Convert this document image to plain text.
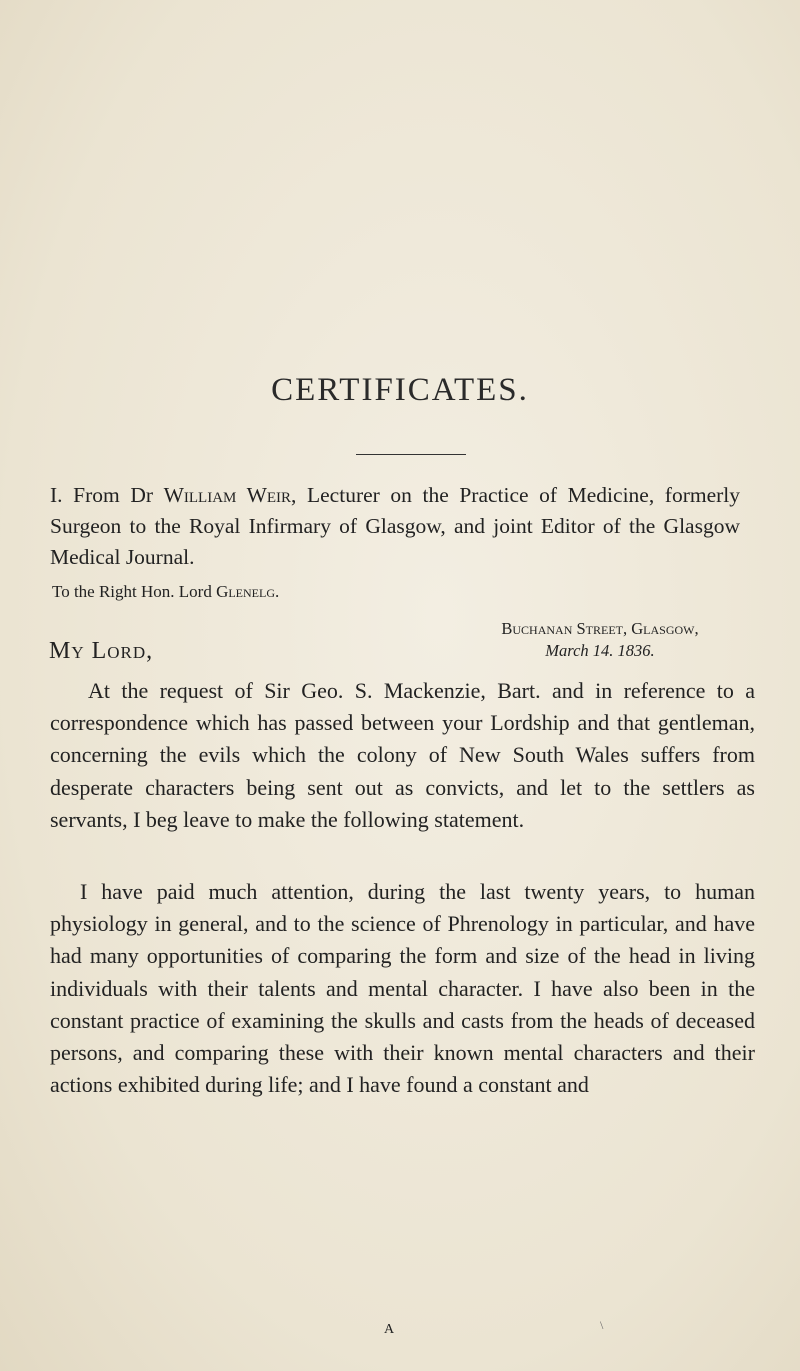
CERTIFICATES.
I. From Dr William Weir, Lecturer on the Practice of Medicine, formerly Surgeon to the Royal Infirmary of Glasgow, and joint Editor of the Glasgow Medical Journal.
To the Right Hon. Lord Glenelg.
My Lord,
Buchanan Street, Glasgow,
March 14. 1836.
At the request of Sir Geo. S. Mackenzie, Bart. and in reference to a correspondence which has passed between your Lordship and that gentleman, concerning the evils which the colony of New South Wales suffers from desperate characters being sent out as convicts, and let to the settlers as servants, I beg leave to make the following statement.
I have paid much attention, during the last twenty years, to human physiology in general, and to the science of Phrenology in particular, and have had many opportunities of comparing the form and size of the head in living individuals with their talents and mental character. I have also been in the constant practice of examining the skulls and casts from the heads of deceased persons, and comparing these with their known mental characters and their actions exhibited during life; and I have found a constant and
A	\
